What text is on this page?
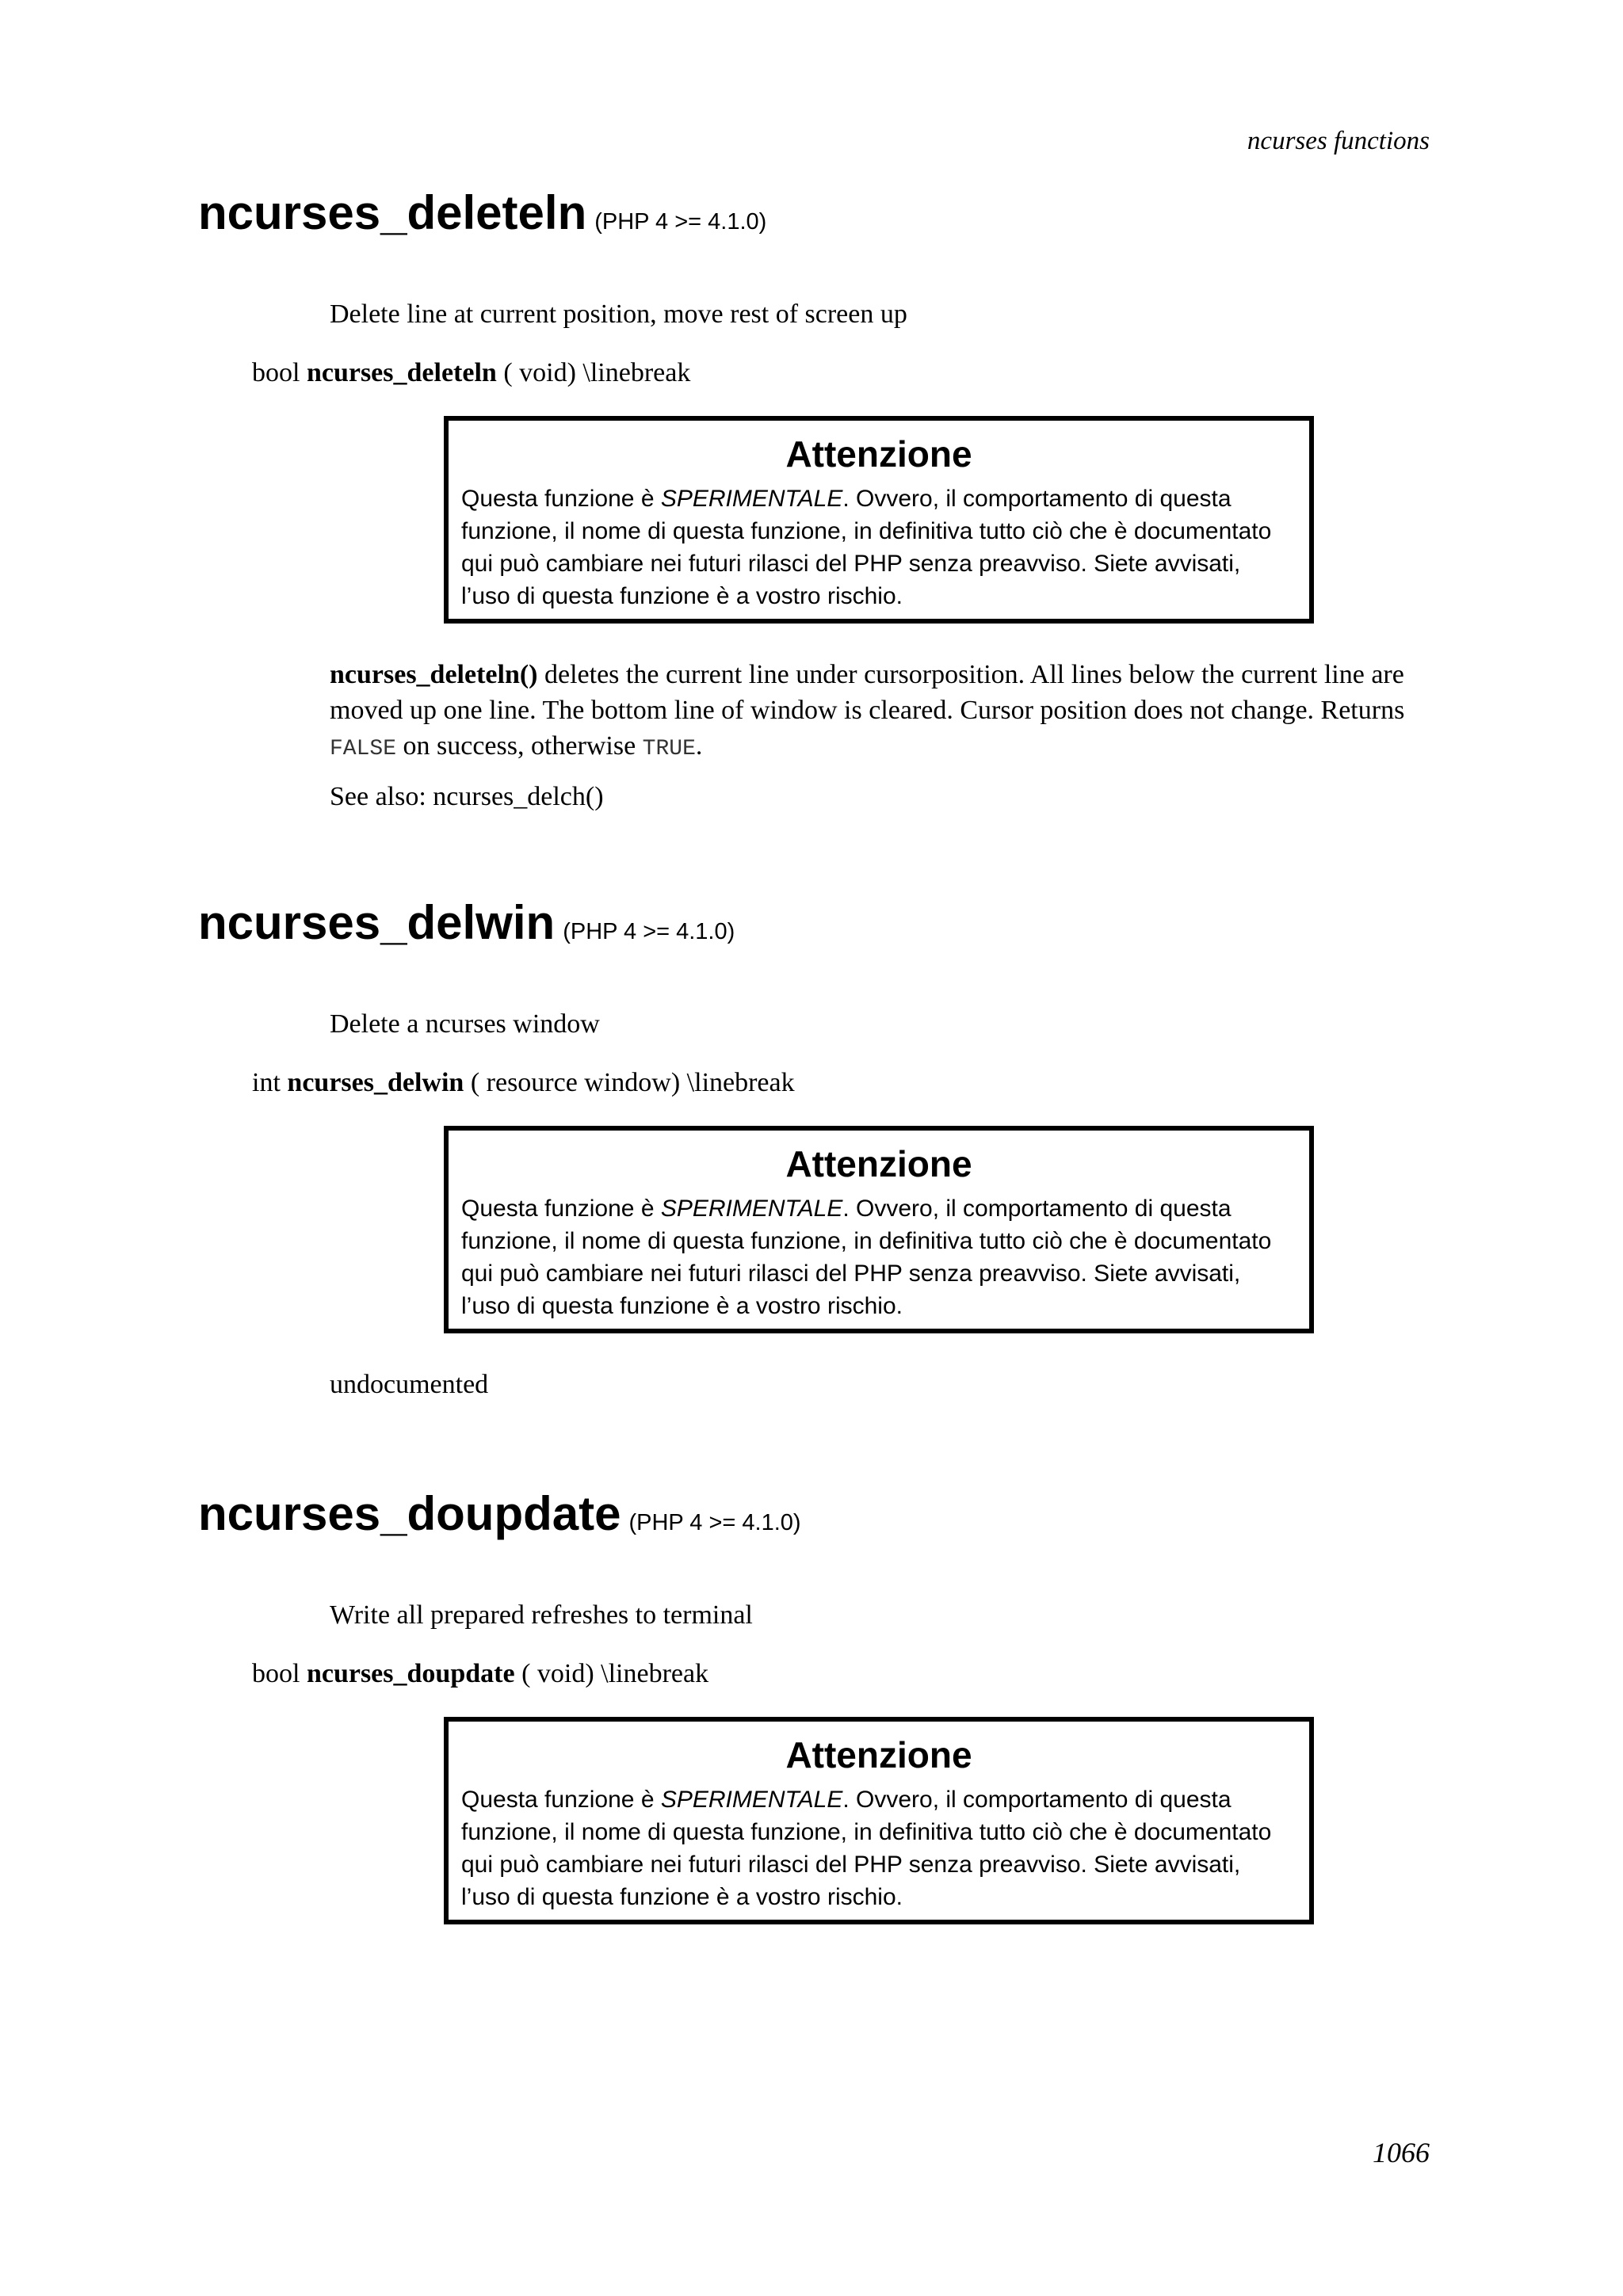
ncurses functions
ncurses_deleteln (PHP 4 >= 4.1.0)
Delete line at current position, move rest of screen up
bool ncurses_deleteln ( void) \linebreak
Attenzione
Questa funzione è SPERIMENTALE. Ovvero, il comportamento di questa
funzione, il nome di questa funzione, in definitiva tutto ciò che è documentato
qui può cambiare nei futuri rilasci del PHP senza preavviso. Siete avvisati,
l’uso di questa funzione è a vostro rischio.
ncurses_deleteln() deletes the current line under cursorposition. All lines below the current line are moved up one line. The bottom line of window is cleared. Cursor position does not change. Returns FALSE on success, otherwise TRUE.
See also: ncurses_delch()
ncurses_delwin (PHP 4 >= 4.1.0)
Delete a ncurses window
int ncurses_delwin ( resource window) \linebreak
Attenzione
Questa funzione è SPERIMENTALE. Ovvero, il comportamento di questa
funzione, il nome di questa funzione, in definitiva tutto ciò che è documentato
qui può cambiare nei futuri rilasci del PHP senza preavviso. Siete avvisati,
l’uso di questa funzione è a vostro rischio.
undocumented
ncurses_doupdate (PHP 4 >= 4.1.0)
Write all prepared refreshes to terminal
bool ncurses_doupdate ( void) \linebreak
Attenzione
Questa funzione è SPERIMENTALE. Ovvero, il comportamento di questa
funzione, il nome di questa funzione, in definitiva tutto ciò che è documentato
qui può cambiare nei futuri rilasci del PHP senza preavviso. Siete avvisati,
l’uso di questa funzione è a vostro rischio.
1066
